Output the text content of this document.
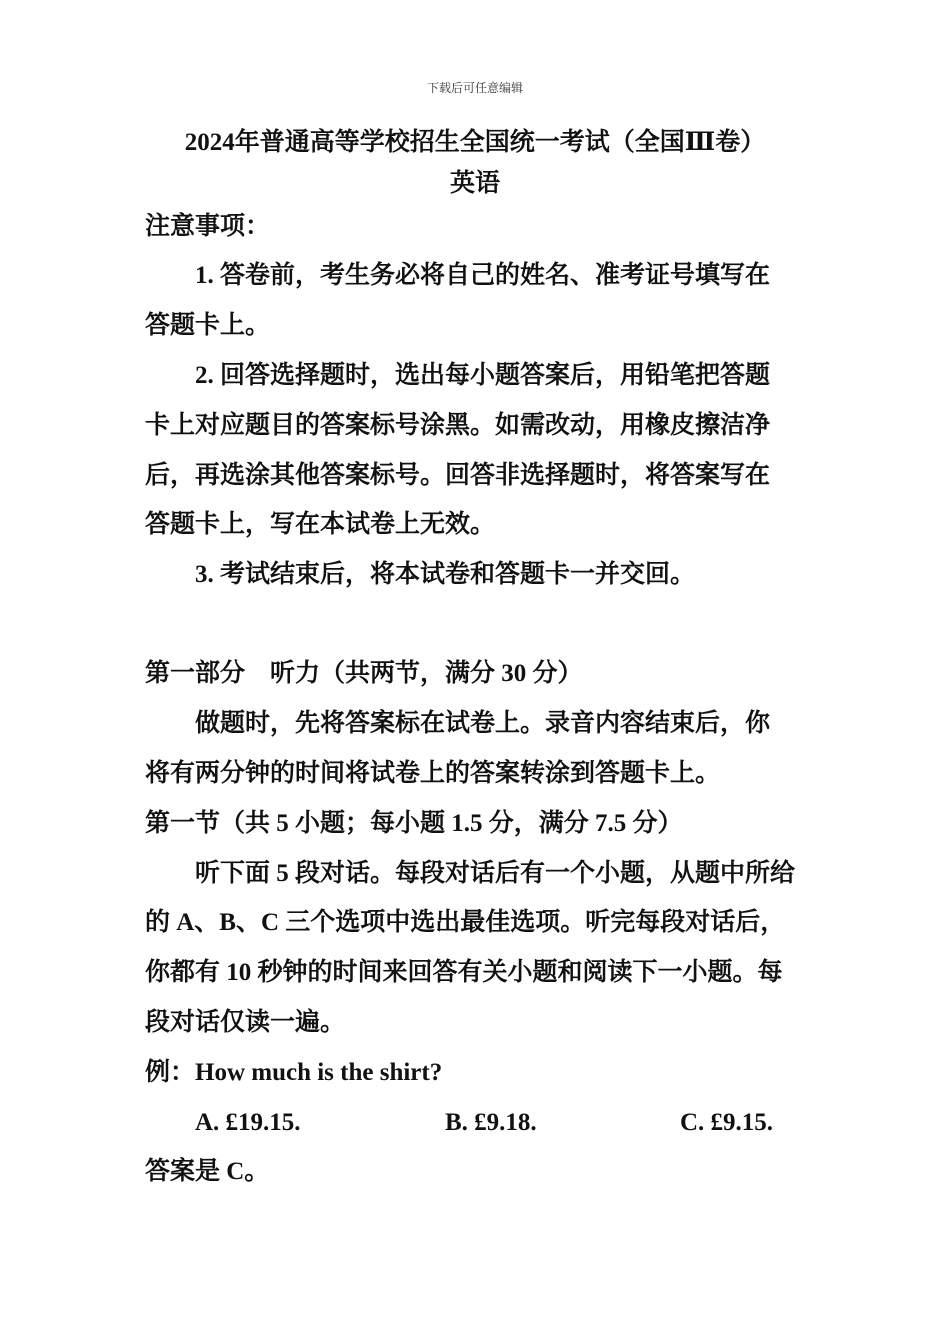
下载后可任意编辑
2024年普通高等学校招生全国统一考试（全国Ⅲ卷）
英语
注意事项：
1. 答卷前，考生务必将自己的姓名、准考证号填写在
答题卡上。
2. 回答选择题时，选出每小题答案后，用铅笔把答题
卡上对应题目的答案标号涂黑。如需改动，用橡皮擦洁净
后，再选涂其他答案标号。回答非选择题时，将答案写在
答题卡上，写在本试卷上无效。
3. 考试结束后，将本试卷和答题卡一并交回。
第一部分　听力（共两节，满分 30 分）
做题时，先将答案标在试卷上。录音内容结束后，你
将有两分钟的时间将试卷上的答案转涂到答题卡上。
第一节（共 5 小题；每小题 1.5 分，满分 7.5 分）
听下面 5 段对话。每段对话后有一个小题，从题中所给
的 A、B、C 三个选项中选出最佳选项。听完每段对话后，
你都有 10 秒钟的时间来回答有关小题和阅读下一小题。每
段对话仅读一遍。
例：How much is the shirt?
A. £19.15.	B. £9.18.	C. £9.15.
答案是 C。
